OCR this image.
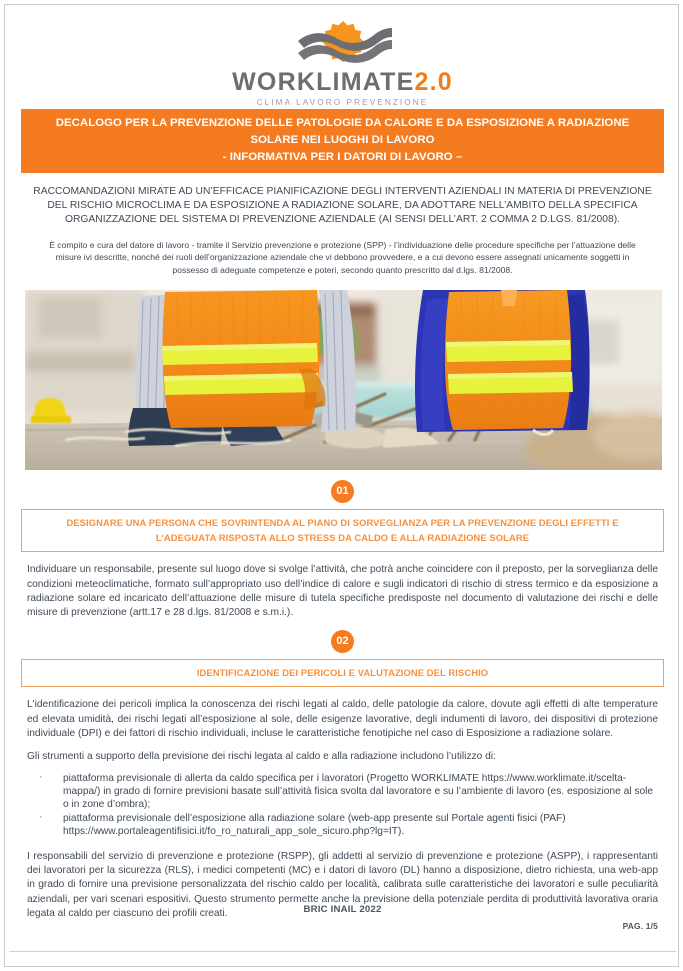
WORKLIMATE2.0
CLIMA LAVORO PREVENZIONE
DECALOGO PER LA PREVENZIONE DELLE PATOLOGIE DA CALORE E DA ESPOSIZIONE A RADIAZIONE
SOLARE NEI LUOGHI DI LAVORO
- INFORMATIVA PER I DATORI DI LAVORO –
RACCOMANDAZIONI MIRATE AD UN’EFFICACE PIANIFICAZIONE DEGLI INTERVENTI AZIENDALI IN MATERIA DI PREVENZIONE DEL RISCHIO MICROCLIMA E DA ESPOSIZIONE A RADIAZIONE SOLARE, DA ADOTTARE NELL’AMBITO DELLA SPECIFICA ORGANIZZAZIONE DEL SISTEMA DI PREVENZIONE AZIENDALE (AI SENSI DELL’ART. 2 COMMA 2 D.LGS. 81/2008).
È compito e cura del datore di lavoro - tramite il Servizio prevenzione e protezione (SPP) - l’individuazione delle procedure specifiche per l’attuazione delle misure ivi descritte, nonché dei ruoli dell’organizzazione aziendale che vi debbono provvedere, e a cui devono essere assegnati unicamente soggetti in possesso di adeguate competenze e poteri, secondo quanto prescritto dal d.lgs. 81/2008.
01
DESIGNARE UNA PERSONA CHE SOVRINTENDA AL PIANO DI SORVEGLIANZA PER LA PREVENZIONE DEGLI EFFETTI E L’ADEGUATA RISPOSTA ALLO STRESS DA CALDO E ALLA RADIAZIONE SOLARE
Individuare un responsabile, presente sul luogo dove si svolge l’attività, che potrà anche coincidere con il preposto, per la sorveglianza delle condizioni meteoclimatiche, formato sull’appropriato uso dell’indice di calore e sugli indicatori di rischio di stress termico e da esposizione a radiazione solare ed incaricato dell’attuazione delle misure di tutela specifiche predisposte nel documento di valutazione dei rischi e delle misure di prevenzione (artt.17 e 28 d.lgs. 81/2008 e s.m.i.).
02
IDENTIFICAZIONE DEI PERICOLI E VALUTAZIONE DEL RISCHIO
L'identificazione dei pericoli implica la conoscenza dei rischi legati al caldo, delle patologie da calore, dovute agli effetti di alte temperature ed elevata umidità, dei rischi legati all’esposizione al sole, delle esigenze lavorative, degli indumenti di lavoro, dei dispositivi di protezione individuale (DPI) e dei fattori di rischio individuali, incluse le caratteristiche fenotipiche nel caso di Esposizione a radiazione solare.
Gli strumenti a supporto della previsione dei rischi legata al caldo e alla radiazione includono l’utilizzo di:
· piattaforma previsionale di allerta da caldo specifica per i lavoratori (Progetto WORKLIMATE https://www.worklimate.it/scelta-mappa/) in grado di fornire previsioni basate sull’attività fisica svolta dal lavoratore e su l’ambiente di lavoro (es. esposizione al sole o in zone d’ombra);
· piattaforma previsionale dell’esposizione alla radiazione solare (web-app presente sul Portale agenti fisici (PAF) https://www.portaleagentifisici.it/fo_ro_naturali_app_sole_sicuro.php?lg=IT).
I responsabili del servizio di prevenzione e protezione (RSPP), gli addetti al servizio di prevenzione e protezione (ASPP), i rappresentanti dei lavoratori per la sicurezza (RLS), i medici competenti (MC) e i datori di lavoro (DL) hanno a disposizione, dietro richiesta, una web-app in grado di fornire una previsione personalizzata del rischio caldo per località, calibrata sulle caratteristiche dei lavoratori e sulle peculiarità aziendali, per vari scenari espositivi. Questo strumento permette anche la previsione della potenziale perdita di produttività lavorativa oraria legata al caldo per ciascuno dei profili creati.	BRIC INAIL 2022
PAG. 1/5
